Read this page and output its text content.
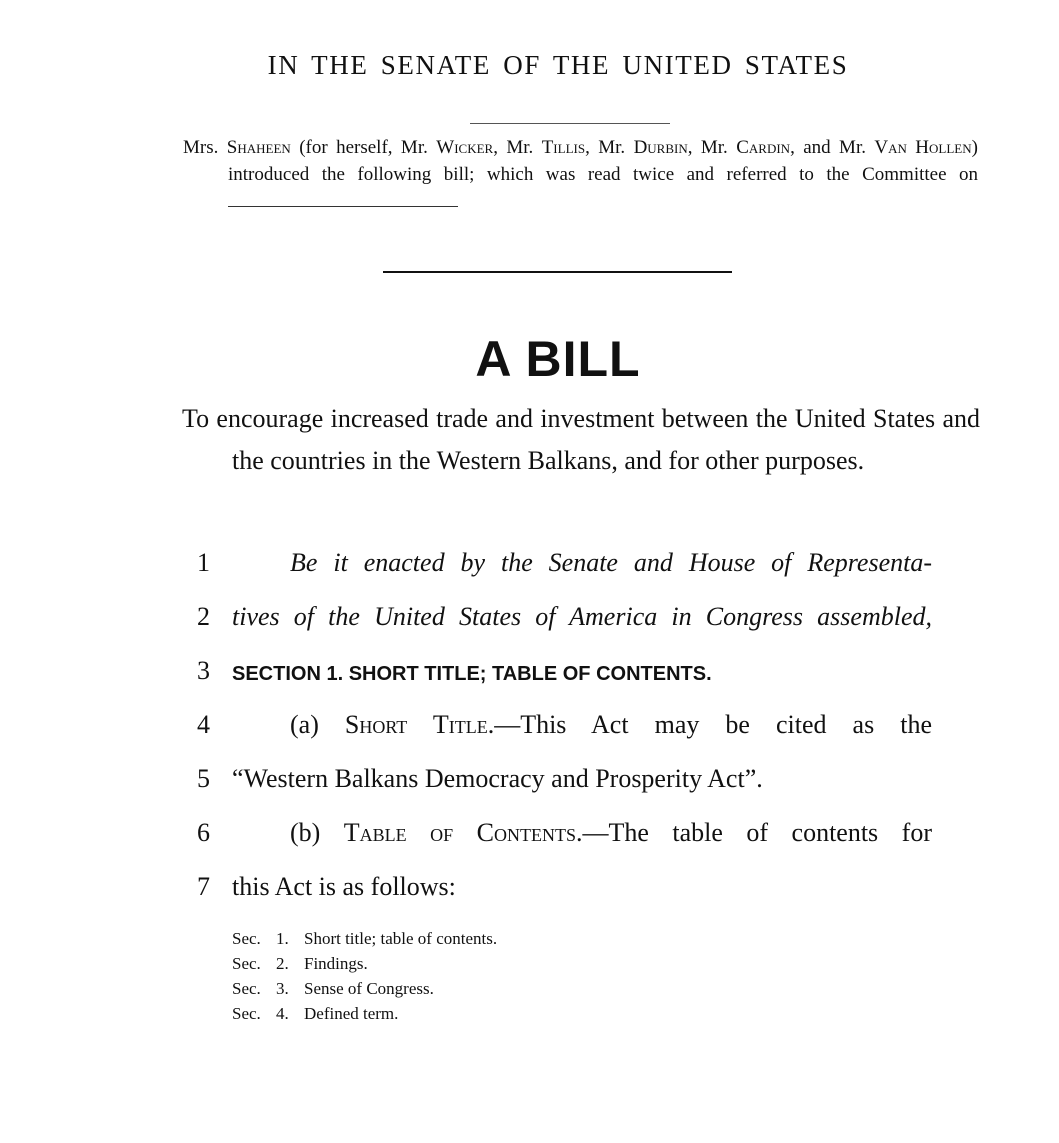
IN THE SENATE OF THE UNITED STATES
Mrs. Shaheen (for herself, Mr. Wicker, Mr. Tillis, Mr. Durbin, Mr. Cardin, and Mr. Van Hollen) introduced the following bill; which was read twice and referred to the Committee on
A BILL
To encourage increased trade and investment between the United States and the countries in the Western Balkans, and for other purposes.
1	Be it enacted by the Senate and House of Representa-
2 tives of the United States of America in Congress assembled,
3 SECTION 1. SHORT TITLE; TABLE OF CONTENTS.
4	(a) Short Title.—This Act may be cited as the
5 “Western Balkans Democracy and Prosperity Act”.
6	(b) Table of Contents.—The table of contents for
7 this Act is as follows:
Sec. 1. Short title; table of contents.
Sec. 2. Findings.
Sec. 3. Sense of Congress.
Sec. 4. Defined term.
